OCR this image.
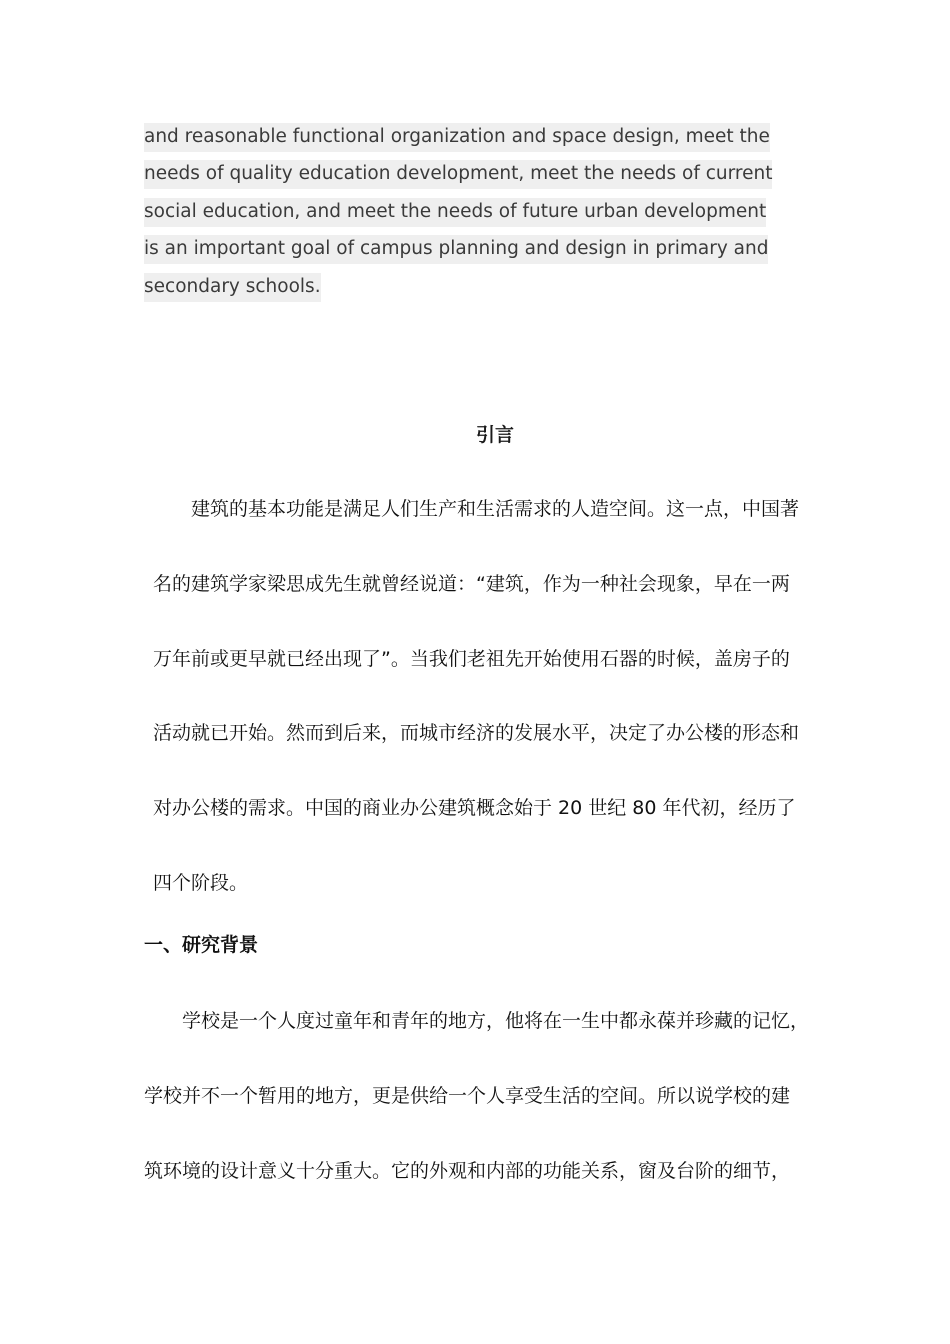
and reasonable functional organization and space design, meet the
needs of quality education development, meet the needs of current
social education, and meet the needs of future urban development
is an important goal of campus planning and design in primary and
secondary schools.
引言
建筑的基本功能是满足人们生产和生活需求的人造空间。这一点，中国著
名的建筑学家梁思成先生就曾经说道：“建筑，作为一种社会现象，早在一两
万年前或更早就已经出现了”。当我们老祖先开始使用石器的时候，盖房子的
活动就已开始。然而到后来，而城市经济的发展水平，决定了办公楼的形态和
对办公楼的需求。中国的商业办公建筑概念始于 20 世纪 80 年代初，经历了
四个阶段。
一、研究背景
学校是一个人度过童年和青年的地方，他将在一生中都永葆并珍藏的记忆，
学校并不一个暂用的地方，更是供给一个人享受生活的空间。所以说学校的建
筑环境的设计意义十分重大。它的外观和内部的功能关系，窗及台阶的细节，
